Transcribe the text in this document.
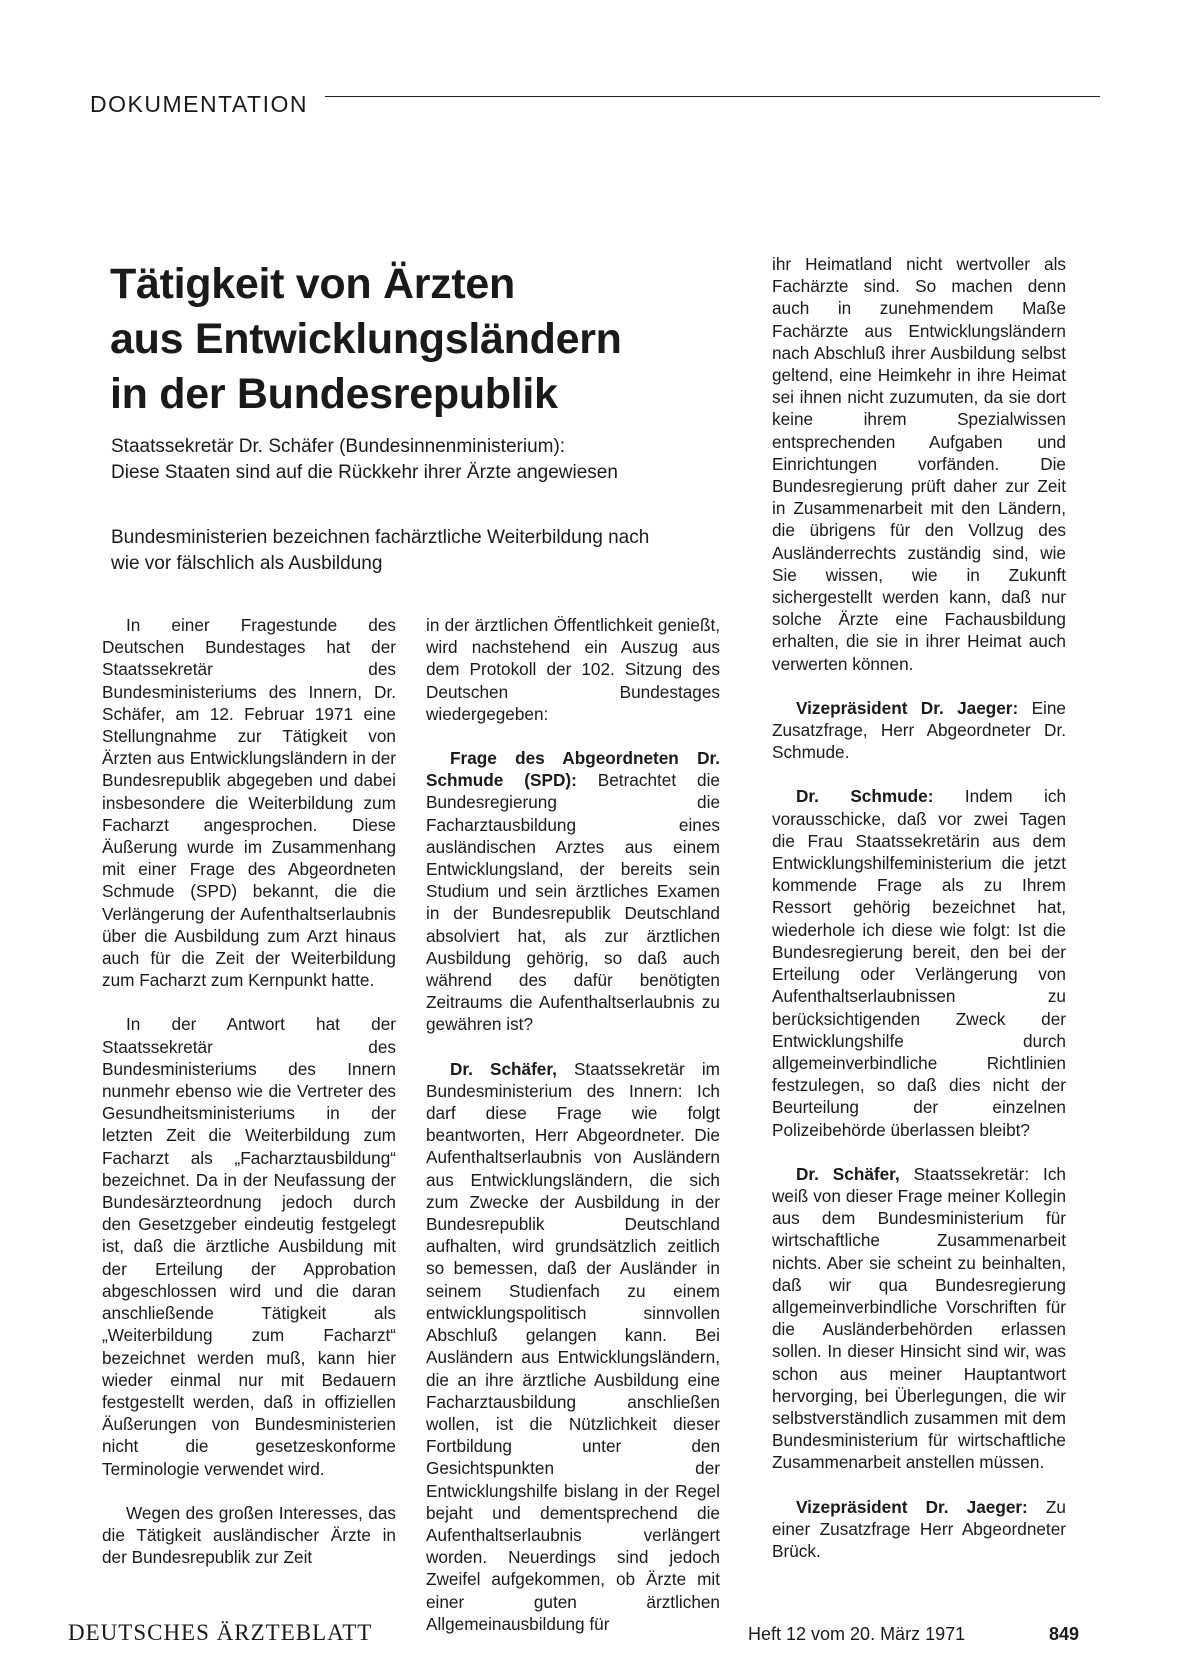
DOKUMENTATION
Tätigkeit von Ärzten
aus Entwicklungsländern
in der Bundesrepublik
Staatssekretär Dr. Schäfer (Bundesinnenministerium):
Diese Staaten sind auf die Rückkehr ihrer Ärzte angewiesen
Bundesministerien bezeichnen fachärztliche Weiterbildung nach
wie vor fälschlich als Ausbildung

In einer Fragestunde des Deutschen Bundestages hat der Staatssekretär des Bundesministeriums des Innern, Dr. Schäfer, am 12. Februar 1971 eine Stellungnahme zur Tätigkeit von Ärzten aus Entwicklungsländern in der Bundesrepublik abgegeben und dabei insbesondere die Weiterbildung zum Facharzt angesprochen. Diese Äußerung wurde im Zusammenhang mit einer Frage des Abgeordneten Schmude (SPD) bekannt, die die Verlängerung der Aufenthaltserlaubnis über die Ausbildung zum Arzt hinaus auch für die Zeit der Weiterbildung zum Facharzt zum Kernpunkt hatte.

In der Antwort hat der Staatssekretär des Bundesministeriums des Innern nunmehr ebenso wie die Vertreter des Gesundheitsministeriums in der letzten Zeit die Weiterbildung zum Facharzt als „Facharztausbildung“ bezeichnet. Da in der Neufassung der Bundesärzteordnung jedoch durch den Gesetzgeber eindeutig festgelegt ist, daß die ärztliche Ausbildung mit der Erteilung der Approbation abgeschlossen wird und die daran anschließende Tätigkeit als „Weiterbildung zum Facharzt“ bezeichnet werden muß, kann hier wieder einmal nur mit Bedauern festgestellt werden, daß in offiziellen Äußerungen von Bundesministerien nicht die gesetzeskonforme Terminologie verwendet wird.

Wegen des großen Interesses, das die Tätigkeit ausländischer Ärzte in der Bundesrepublik zur Zeit

in der ärztlichen Öffentlichkeit genießt, wird nachstehend ein Auszug aus dem Protokoll der 102. Sitzung des Deutschen Bundestages wiedergegeben:

Frage des Abgeordneten Dr. Schmude (SPD): Betrachtet die Bundesregierung die Facharztausbildung eines ausländischen Arztes aus einem Entwicklungsland, der bereits sein Studium und sein ärztliches Examen in der Bundesrepublik Deutschland absolviert hat, als zur ärztlichen Ausbildung gehörig, so daß auch während des dafür benötigten Zeitraums die Aufenthaltserlaubnis zu gewähren ist?

Dr. Schäfer, Staatssekretär im Bundesministerium des Innern: Ich darf diese Frage wie folgt beantworten, Herr Abgeordneter. Die Aufenthaltserlaubnis von Ausländern aus Entwicklungsländern, die sich zum Zwecke der Ausbildung in der Bundesrepublik Deutschland aufhalten, wird grundsätzlich zeitlich so bemessen, daß der Ausländer in seinem Studienfach zu einem entwicklungspolitisch sinnvollen Abschluß gelangen kann. Bei Ausländern aus Entwicklungsländern, die an ihre ärztliche Ausbildung eine Facharztausbildung anschließen wollen, ist die Nützlichkeit dieser Fortbildung unter den Gesichtspunkten der Entwicklungshilfe bislang in der Regel bejaht und dementsprechend die Aufenthaltserlaubnis verlängert worden. Neuerdings sind jedoch Zweifel aufgekommen, ob Ärzte mit einer guten ärztlichen Allgemeinausbildung für

ihr Heimatland nicht wertvoller als Fachärzte sind. So machen denn auch in zunehmendem Maße Fachärzte aus Entwicklungsländern nach Abschluß ihrer Ausbildung selbst geltend, eine Heimkehr in ihre Heimat sei ihnen nicht zuzumuten, da sie dort keine ihrem Spezialwissen entsprechenden Aufgaben und Einrichtungen vorfänden. Die Bundesregierung prüft daher zur Zeit in Zusammenarbeit mit den Ländern, die übrigens für den Vollzug des Ausländerrechts zuständig sind, wie Sie wissen, wie in Zukunft sichergestellt werden kann, daß nur solche Ärzte eine Fachausbildung erhalten, die sie in ihrer Heimat auch verwerten können.

Vizepräsident Dr. Jaeger: Eine Zusatzfrage, Herr Abgeordneter Dr. Schmude.

Dr. Schmude: Indem ich vorausschicke, daß vor zwei Tagen die Frau Staatssekretärin aus dem Entwicklungshilfeministerium die jetzt kommende Frage als zu Ihrem Ressort gehörig bezeichnet hat, wiederhole ich diese wie folgt: Ist die Bundesregierung bereit, den bei der Erteilung oder Verlängerung von Aufenthaltserlaubnissen zu berücksichtigenden Zweck der Entwicklungshilfe durch allgemeinverbindliche Richtlinien festzulegen, so daß dies nicht der Beurteilung der einzelnen Polizeibehörde überlassen bleibt?

Dr. Schäfer, Staatssekretär: Ich weiß von dieser Frage meiner Kollegin aus dem Bundesministerium für wirtschaftliche Zusammenarbeit nichts. Aber sie scheint zu beinhalten, daß wir qua Bundesregierung allgemeinverbindliche Vorschriften für die Ausländerbehörden erlassen sollen. In dieser Hinsicht sind wir, was schon aus meiner Hauptantwort hervorging, bei Überlegungen, die wir selbstverständlich zusammen mit dem Bundesministerium für wirtschaftliche Zusammenarbeit anstellen müssen.

Vizepräsident Dr. Jaeger: Zu einer Zusatzfrage Herr Abgeordneter Brück.

DEUTSCHES ÄRZTEBLATT	Heft 12 vom 20. März 1971	849
